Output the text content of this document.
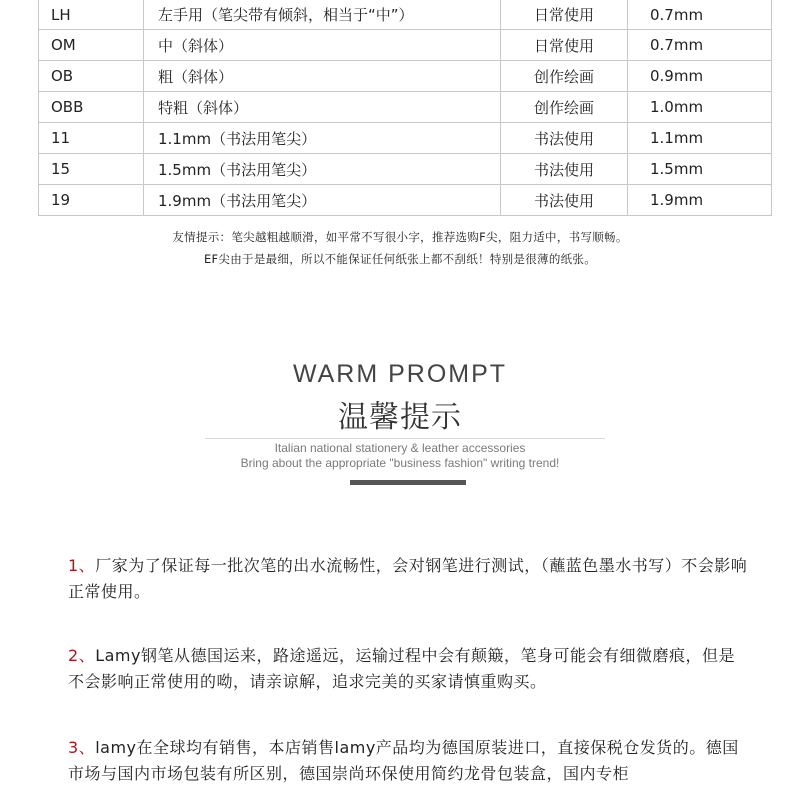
LH	左手用（笔尖带有倾斜，相当于“中”）	日常使用	0.7mm
OM	中（斜体）	日常使用	0.7mm
OB	粗（斜体）	创作绘画	0.9mm
OBB	特粗（斜体）	创作绘画	1.0mm
11	1.1mm（书法用笔尖）	书法使用	1.1mm
15	1.5mm（书法用笔尖）	书法使用	1.5mm
19	1.9mm（书法用笔尖）	书法使用	1.9mm
友情提示：笔尖越粗越顺滑，如平常不写很小字，推荐选购F尖，阻力适中，书写顺畅。
EF尖由于是最细，所以不能保证任何纸张上都不刮纸！特别是很薄的纸张。
WARM PROMPT
温馨提示
Italian national stationery & leather accessories
Bring about the appropriate "business fashion" writing trend!
1、厂家为了保证每一批次笔的出水流畅性，会对钢笔进行测试，（蘸蓝色墨水书写）不会影响正常使用。
2、Lamy钢笔从德国运来，路途遥远，运输过程中会有颠簸，笔身可能会有细微磨痕，但是不会影响正常使用的呦，请亲谅解，追求完美的买家请慎重购买。
3、lamy在全球均有销售，本店销售lamy产品均为德国原装进口，直接保税仓发货的。德国市场与国内市场包装有所区别，德国崇尚环保使用简约龙骨包装盒，国内专柜
